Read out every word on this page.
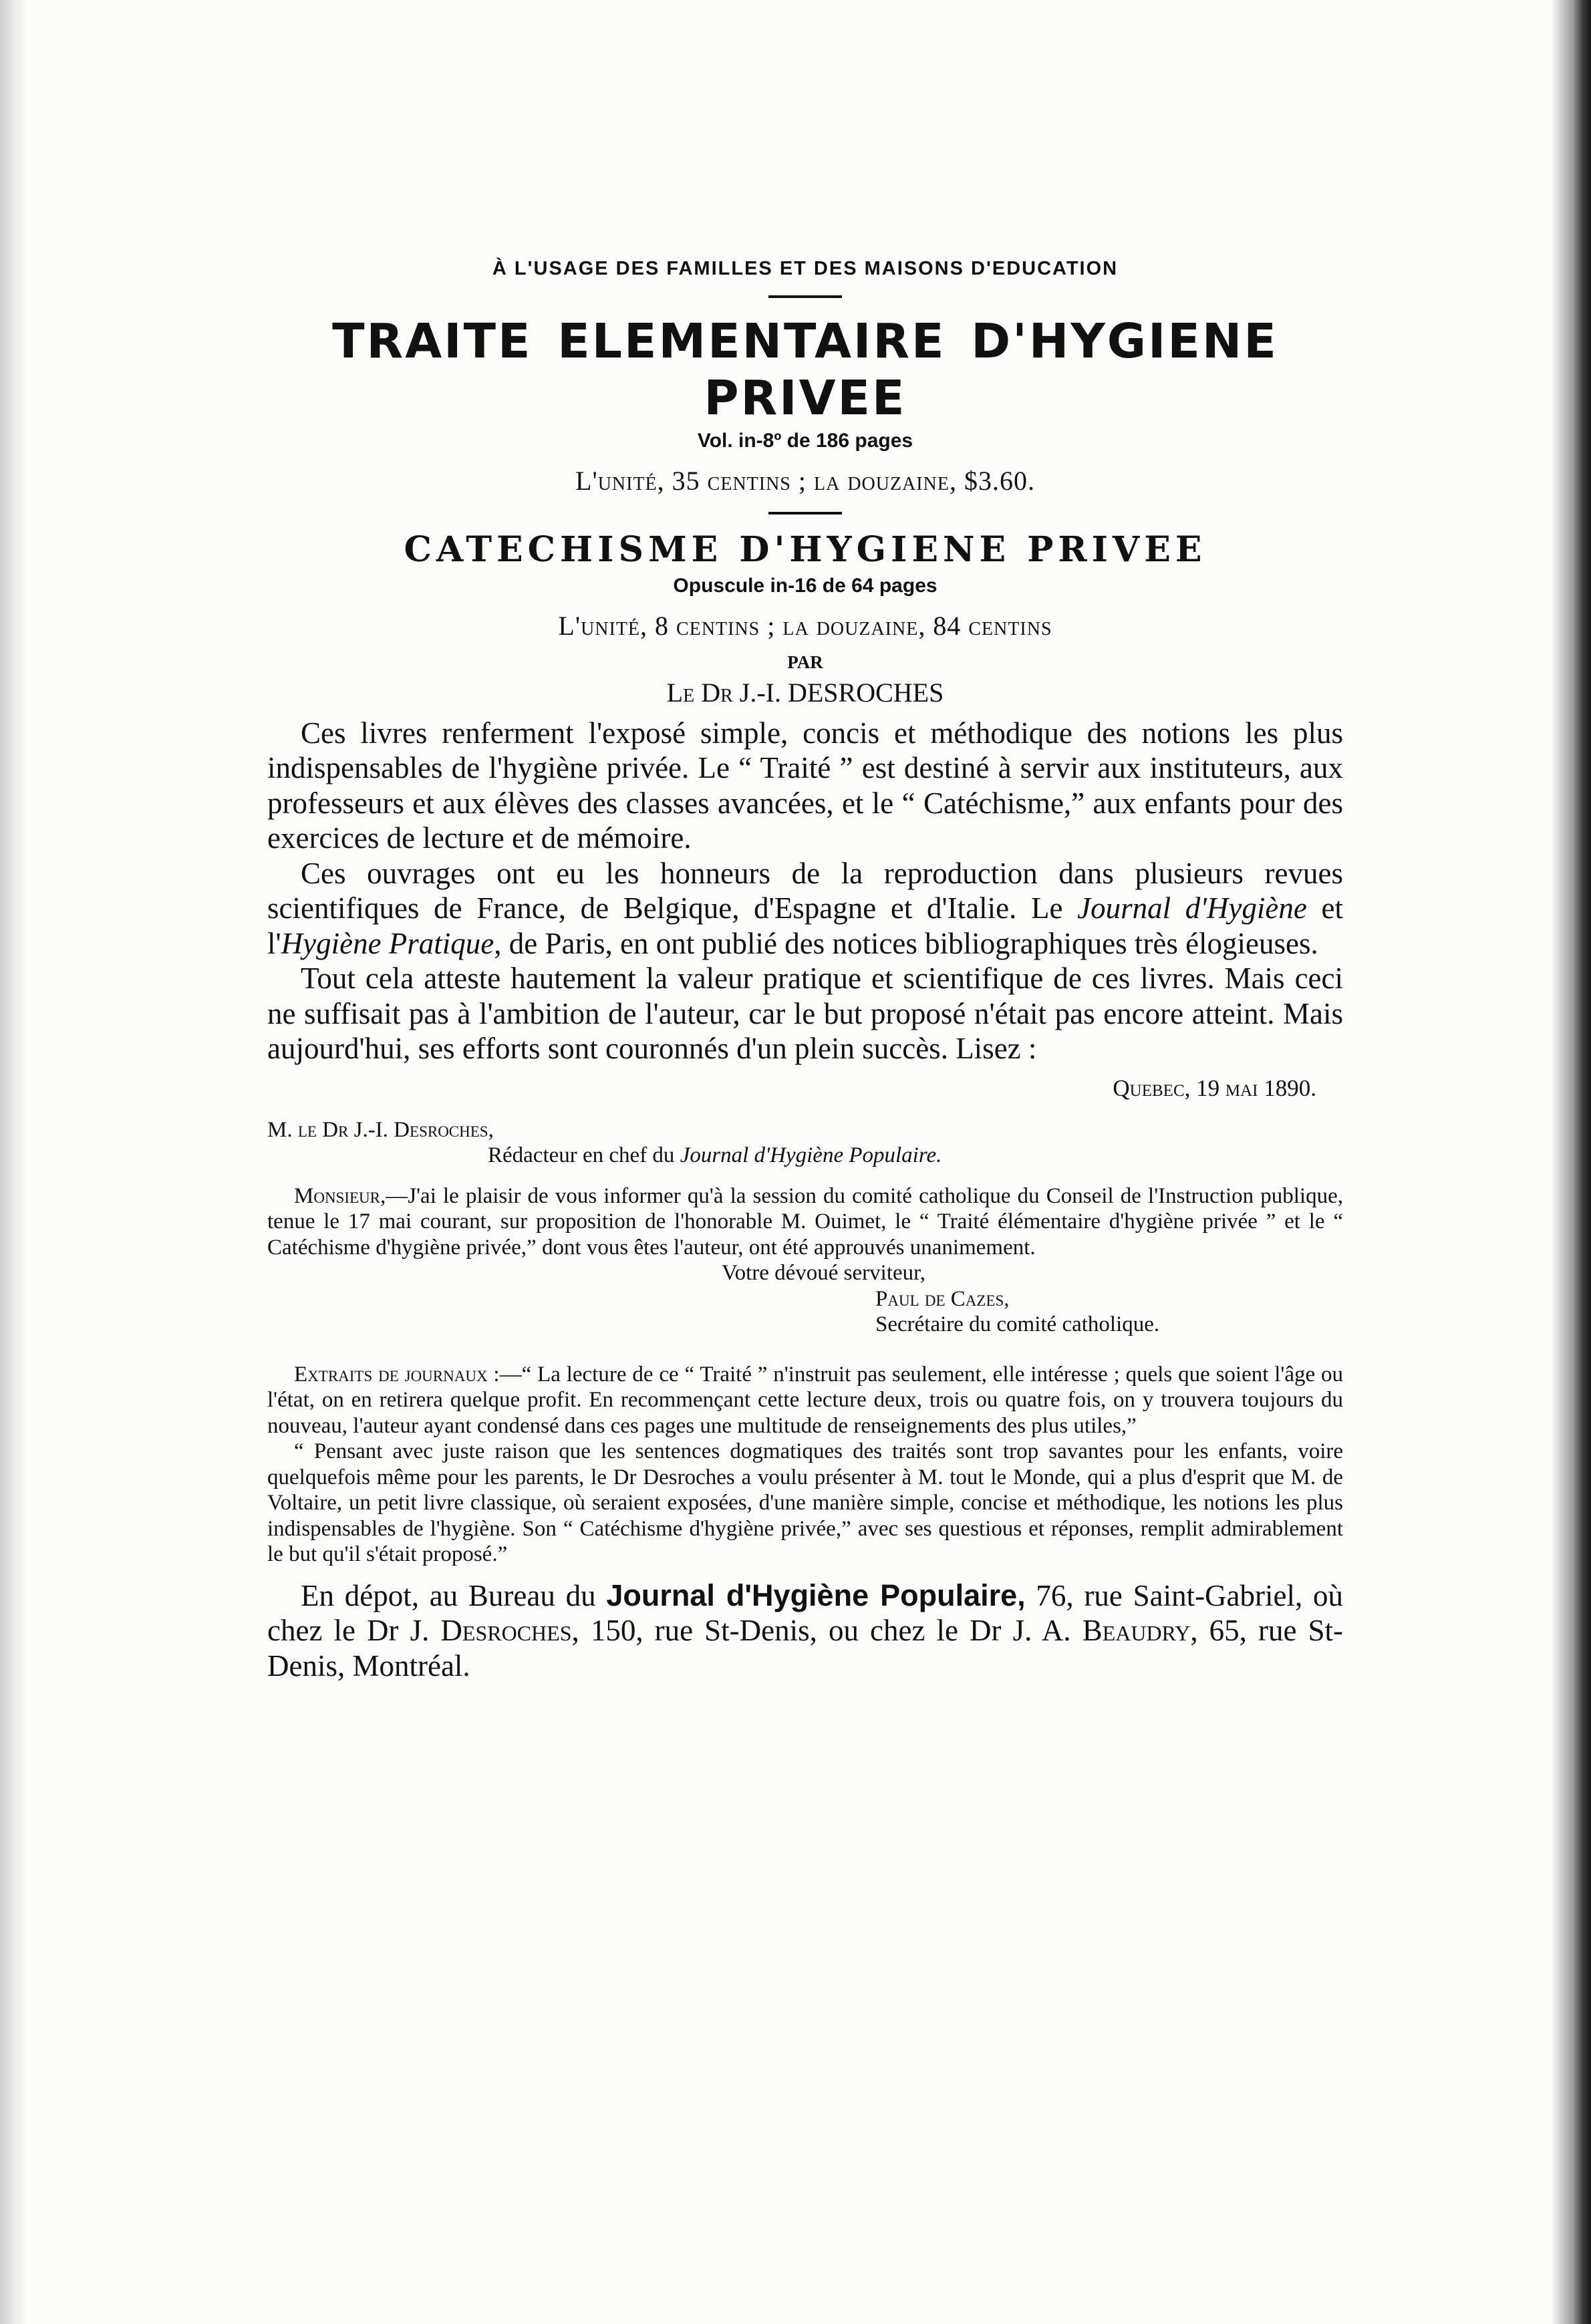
À L'USAGE DES FAMILLES ET DES MAISONS D'EDUCATION
TRAITE ELEMENTAIRE D'HYGIENE PRIVEE
Vol. in-8º de 186 pages
L'unité, 35 centins ; la douzaine, $3.60.
CATECHISME D'HYGIENE PRIVEE
Opuscule in-16 de 64 pages
L'unité, 8 centins ; la douzaine, 84 centins
PAR
Le Dr J.-I. DESROCHES

Ces livres renferment l'exposé simple, concis et méthodique des notions les plus indispensables de l'hygiène privée. Le “ Traité ” est destiné à servir aux instituteurs, aux professeurs et aux élèves des classes avancées, et le “ Catéchisme,” aux enfants pour des exercices de lecture et de mémoire.

Ces ouvrages ont eu les honneurs de la reproduction dans plusieurs revues scientifiques de France, de Belgique, d'Espagne et d'Italie. Le Journal d'Hygiène et l'Hygiène Pratique, de Paris, en ont publié des notices bibliographiques très élogieuses.

Tout cela atteste hautement la valeur pratique et scientifique de ces livres. Mais ceci ne suffisait pas à l'ambition de l'auteur, car le but proposé n'était pas encore atteint. Mais aujourd'hui, ses efforts sont couronnés d'un plein succès. Lisez :

Quebec, 19 mai 1890.
M. le Dr J.-I. Desroches,
Rédacteur en chef du Journal d'Hygiène Populaire.
Monsieur,—J'ai le plaisir de vous informer qu'à la session du comité catholique du Conseil de l'Instruction publique, tenue le 17 mai courant, sur proposition de l'honorable M. Ouimet, le “ Traité élémentaire d'hygiène privée ” et le “ Catéchisme d'hygiène privée,” dont vous êtes l'auteur, ont été approuvés unanimement.
Votre dévoué serviteur,
Paul de Cazes,
Secrétaire du comité catholique.
Extraits de journaux :—“ La lecture de ce “ Traité ” n'instruit pas seulement, elle intéresse ; quels que soient l'âge ou l'état, on en retirera quelque profit. En recommençant cette lecture deux, trois ou quatre fois, on y trouvera toujours du nouveau, l'auteur ayant condensé dans ces pages une multitude de renseignements des plus utiles,”
“ Pensant avec juste raison que les sentences dogmatiques des traités sont trop savantes pour les enfants, voire quelquefois même pour les parents, le Dr Desroches a voulu présenter à M. tout le Monde, qui a plus d'esprit que M. de Voltaire, un petit livre classique, où seraient exposées, d'une manière simple, concise et méthodique, les notions les plus indispensables de l'hygiène. Son “ Catéchisme d'hygiène privée,” avec ses questious et réponses, remplit admirablement le but qu'il s'était proposé.”

En dépot, au Bureau du Journal d'Hygiène Populaire, 76, rue Saint-Gabriel, où chez le Dr J. Desroches, 150, rue St-Denis, ou chez le Dr J. A. Beaudry, 65, rue St-Denis, Montréal.
